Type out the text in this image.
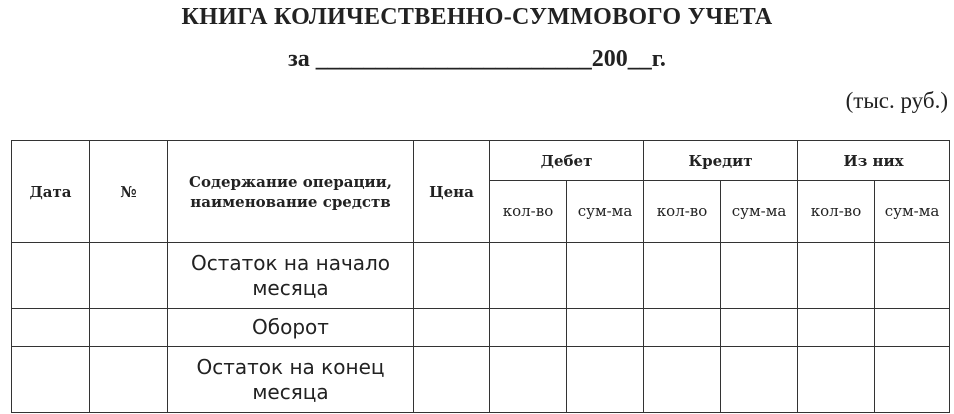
КНИГА КОЛИЧЕСТВЕННО-СУММОВОГО УЧЕТА
за _______________________200__г.
(тыс. руб.)
Дата	№	Содержание операции, наименование средств	Цена	Дебет		Кредит		Из них	
				кол-во	сум-ма	кол-во	сум-ма	кол-во	сум-ма
		Остаток на начало месяца							
		Оборот							
		Остаток на конец месяца							
